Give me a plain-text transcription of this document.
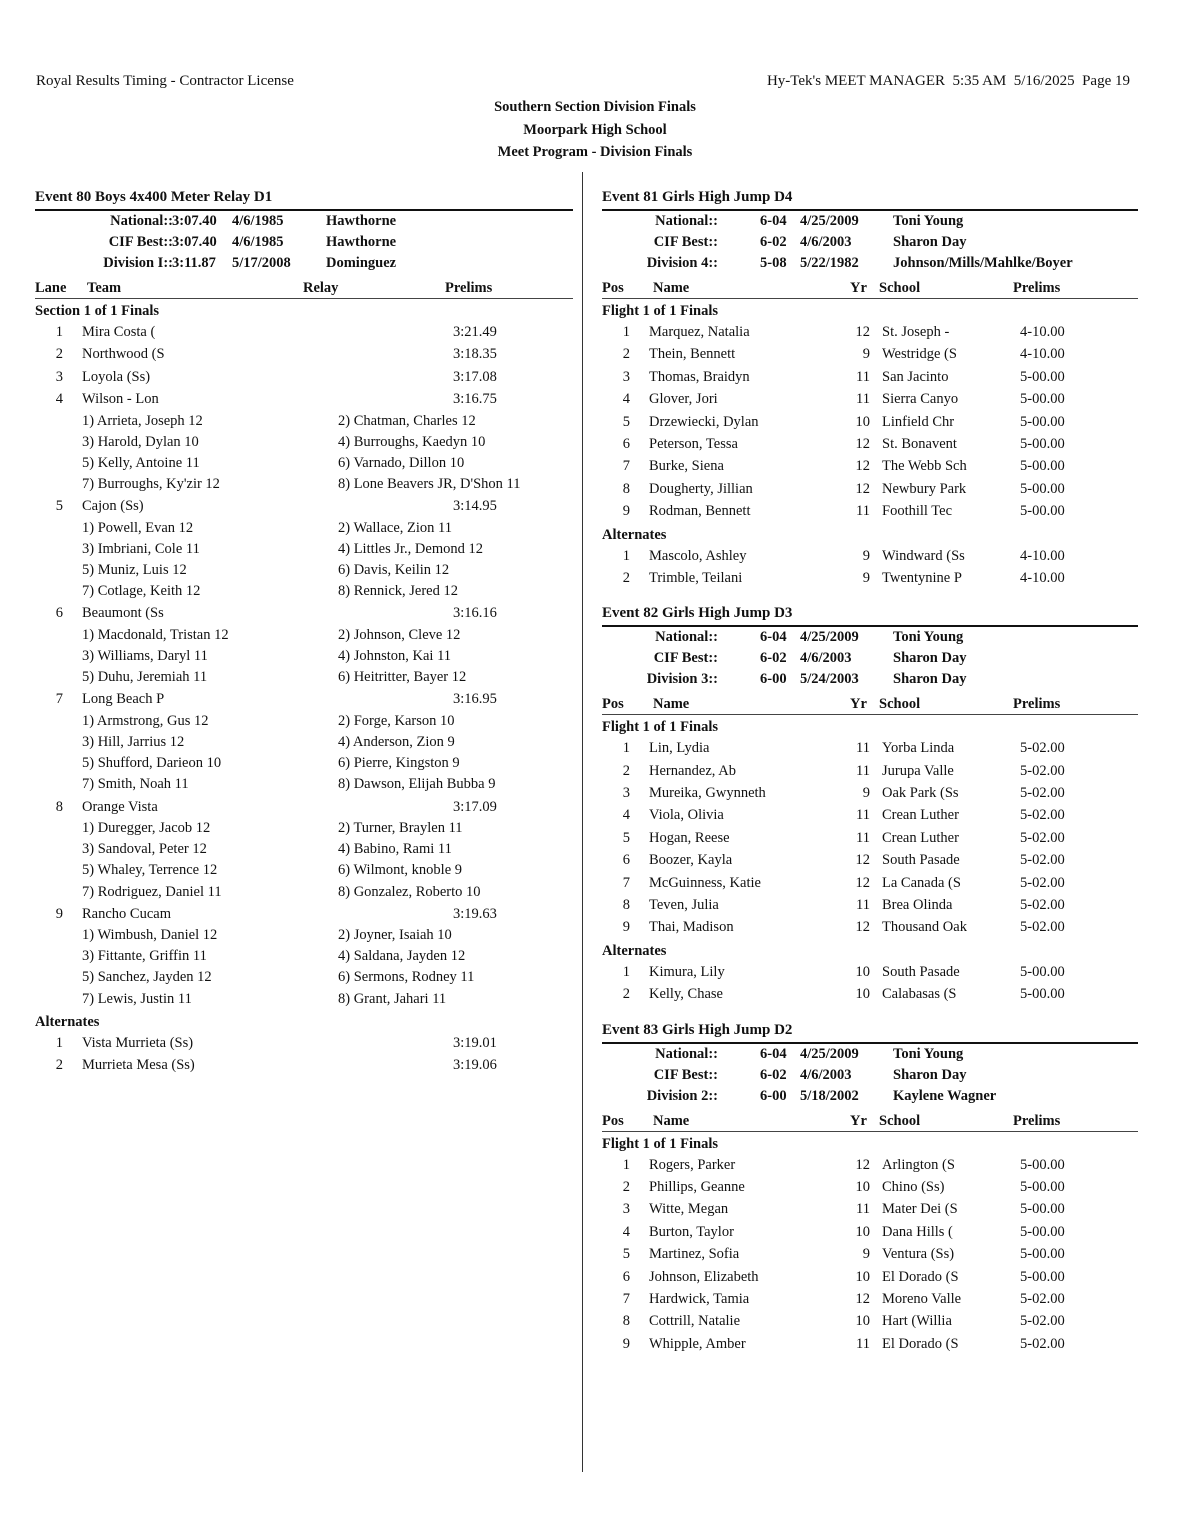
Royal Results Timing - Contractor License	Hy-Tek's MEET MANAGER  5:35 AM  5/16/2025  Page 19
Southern Section Division Finals
Moorpark High School
Meet Program - Division Finals
Event 80 Boys 4x400 Meter Relay D1
National:: 3:07.40 4/6/1985	Hawthorne
CIF Best:: 3:07.40 4/6/1985	Hawthorne
Division I:: 3:11.87 5/17/2008 Dominguez
Lane Team	Relay	Prelims
Section 1 of 1 Finals
1 Mira Costa (	3:21.49
2 Northwood (S	3:18.35
3 Loyola (Ss)	3:17.08
4 Wilson - Lon	3:16.75
1) Arrieta, Joseph 12	2) Chatman, Charles 12
3) Harold, Dylan 10	4) Burroughs, Kaedyn 10
5) Kelly, Antoine 11	6) Varnado, Dillon 10
7) Burroughs, Ky'zir 12	8) Lone Beavers JR, D'Shon 11
5 Cajon (Ss)	3:14.95
1) Powell, Evan 12	2) Wallace, Zion 11
3) Imbriani, Cole 11	4) Littles Jr., Demond 12
5) Muniz, Luis 12	6) Davis, Keilin 12
7) Cotlage, Keith 12	8) Rennick, Jered 12
6 Beaumont (Ss	3:16.16
1) Macdonald, Tristan 12	2) Johnson, Cleve 12
3) Williams, Daryl 11	4) Johnston, Kai 11
5) Duhu, Jeremiah 11	6) Heitritter, Bayer 12
7 Long Beach P	3:16.95
1) Armstrong, Gus 12	2) Forge, Karson 10
3) Hill, Jarrius 12	4) Anderson, Zion 9
5) Shufford, Darieon 10	6) Pierre, Kingston 9
7) Smith, Noah 11	8) Dawson, Elijah Bubba 9
8 Orange Vista	3:17.09
1) Duregger, Jacob 12	2) Turner, Braylen 11
3) Sandoval, Peter 12	4) Babino, Rami 11
5) Whaley, Terrence 12	6) Wilmont, knoble 9
7) Rodriguez, Daniel 11	8) Gonzalez, Roberto 10
9 Rancho Cucam	3:19.63
1) Wimbush, Daniel 12	2) Joyner, Isaiah 10
3) Fittante, Griffin 11	4) Saldana, Jayden 12
5) Sanchez, Jayden 12	6) Sermons, Rodney 11
7) Lewis, Justin 11	8) Grant, Jahari 11
Alternates
1 Vista Murrieta (Ss)	3:19.01
2 Murrieta Mesa (Ss)	3:19.06
Event 81 Girls High Jump D4
National::	6-04 4/25/2009 Toni Young
CIF Best::	6-02 4/6/2003	Sharon Day
Division 4::	5-08 5/22/1982 Johnson/Mills/Mahlke/Boyer
Pos Name	Yr School	Prelims
Flight 1 of 1 Finals
1 Marquez, Natalia	12 St. Joseph -	4-10.00
2 Thein, Bennett	9 Westridge (S	4-10.00
3 Thomas, Braidyn	11 San Jacinto	5-00.00
4 Glover, Jori	11 Sierra Canyo	5-00.00
5 Drzewiecki, Dylan	10 Linfield Chr	5-00.00
6 Peterson, Tessa	12 St. Bonavent	5-00.00
7 Burke, Siena	12 The Webb Sch	5-00.00
8 Dougherty, Jillian	12 Newbury Park	5-00.00
9 Rodman, Bennett	11 Foothill Tec	5-00.00
Alternates
1 Mascolo, Ashley	9 Windward (Ss	4-10.00
2 Trimble, Teilani	9 Twentynine P	4-10.00
Event 82 Girls High Jump D3
National::	6-04 4/25/2009 Toni Young
CIF Best::	6-02 4/6/2003	Sharon Day
Division 3::	6-00 5/24/2003 Sharon Day
Pos Name	Yr School	Prelims
Flight 1 of 1 Finals
1 Lin, Lydia	11 Yorba Linda	5-02.00
2 Hernandez, Ab	11 Jurupa Valle	5-02.00
3 Mureika, Gwynneth	9 Oak Park (Ss	5-02.00
4 Viola, Olivia	11 Crean Luther	5-02.00
5 Hogan, Reese	11 Crean Luther	5-02.00
6 Boozer, Kayla	12 South Pasade	5-02.00
7 McGuinness, Katie	12 La Canada (S	5-02.00
8 Teven, Julia	11 Brea Olinda	5-02.00
9 Thai, Madison	12 Thousand Oak	5-02.00
Alternates
1 Kimura, Lily	10 South Pasade	5-00.00
2 Kelly, Chase	10 Calabasas (S	5-00.00
Event 83 Girls High Jump D2
National::	6-04 4/25/2009 Toni Young
CIF Best::	6-02 4/6/2003	Sharon Day
Division 2::	6-00 5/18/2002 Kaylene Wagner
Pos Name	Yr School	Prelims
Flight 1 of 1 Finals
1 Rogers, Parker	12 Arlington (S	5-00.00
2 Phillips, Geanne	10 Chino (Ss)	5-00.00
3 Witte, Megan	11 Mater Dei (S	5-00.00
4 Burton, Taylor	10 Dana Hills (	5-00.00
5 Martinez, Sofia	9 Ventura (Ss)	5-00.00
6 Johnson, Elizabeth	10 El Dorado (S	5-00.00
7 Hardwick, Tamia	12 Moreno Valle	5-02.00
8 Cottrill, Natalie	10 Hart (Willia	5-02.00
9 Whipple, Amber	11 El Dorado (S	5-02.00
